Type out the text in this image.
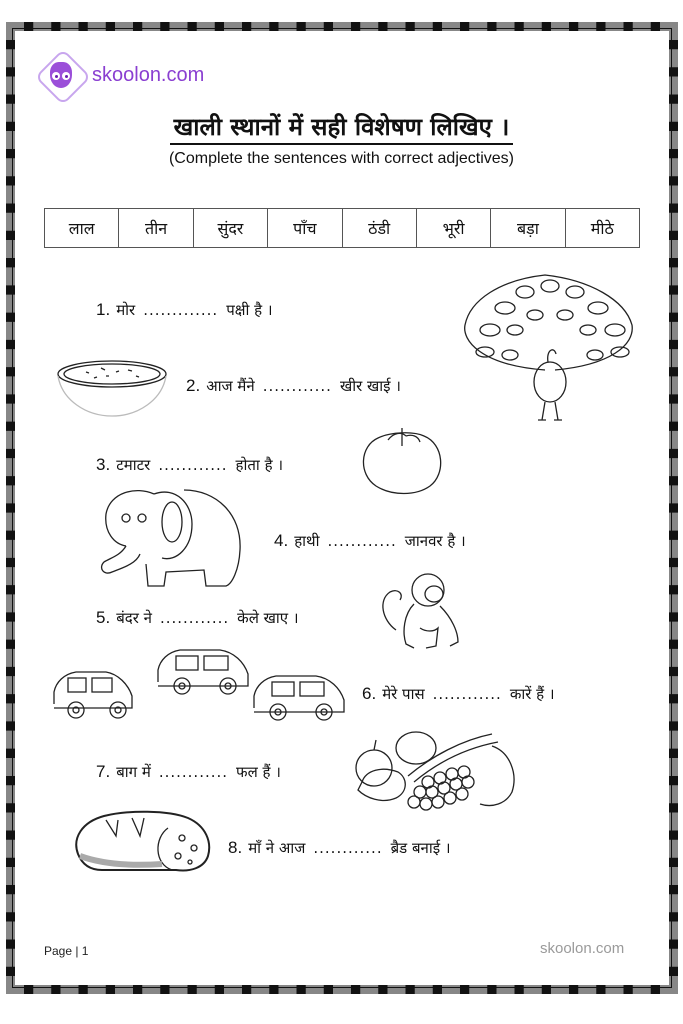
skoolon.com
खाली स्थानों में सही विशेषण लिखिए ।
(Complete the sentences with correct adjectives)
लाल	तीन	सुंदर	पाँच	ठंडी	भूरी	बड़ा	मीठे
1. मोर ............. पक्षी है ।
2. आज मैंने ............ खीर खाई ।
3. टमाटर ............ होता है ।
4. हाथी ............ जानवर है ।
5. बंदर ने ............ केले खाए ।
6. मेरे पास ............ कारें हैं ।
7. बाग में ............ फल हैं ।
8. माँ ने आज ............ ब्रैड बनाई ।
Page | 1	skoolon.com
